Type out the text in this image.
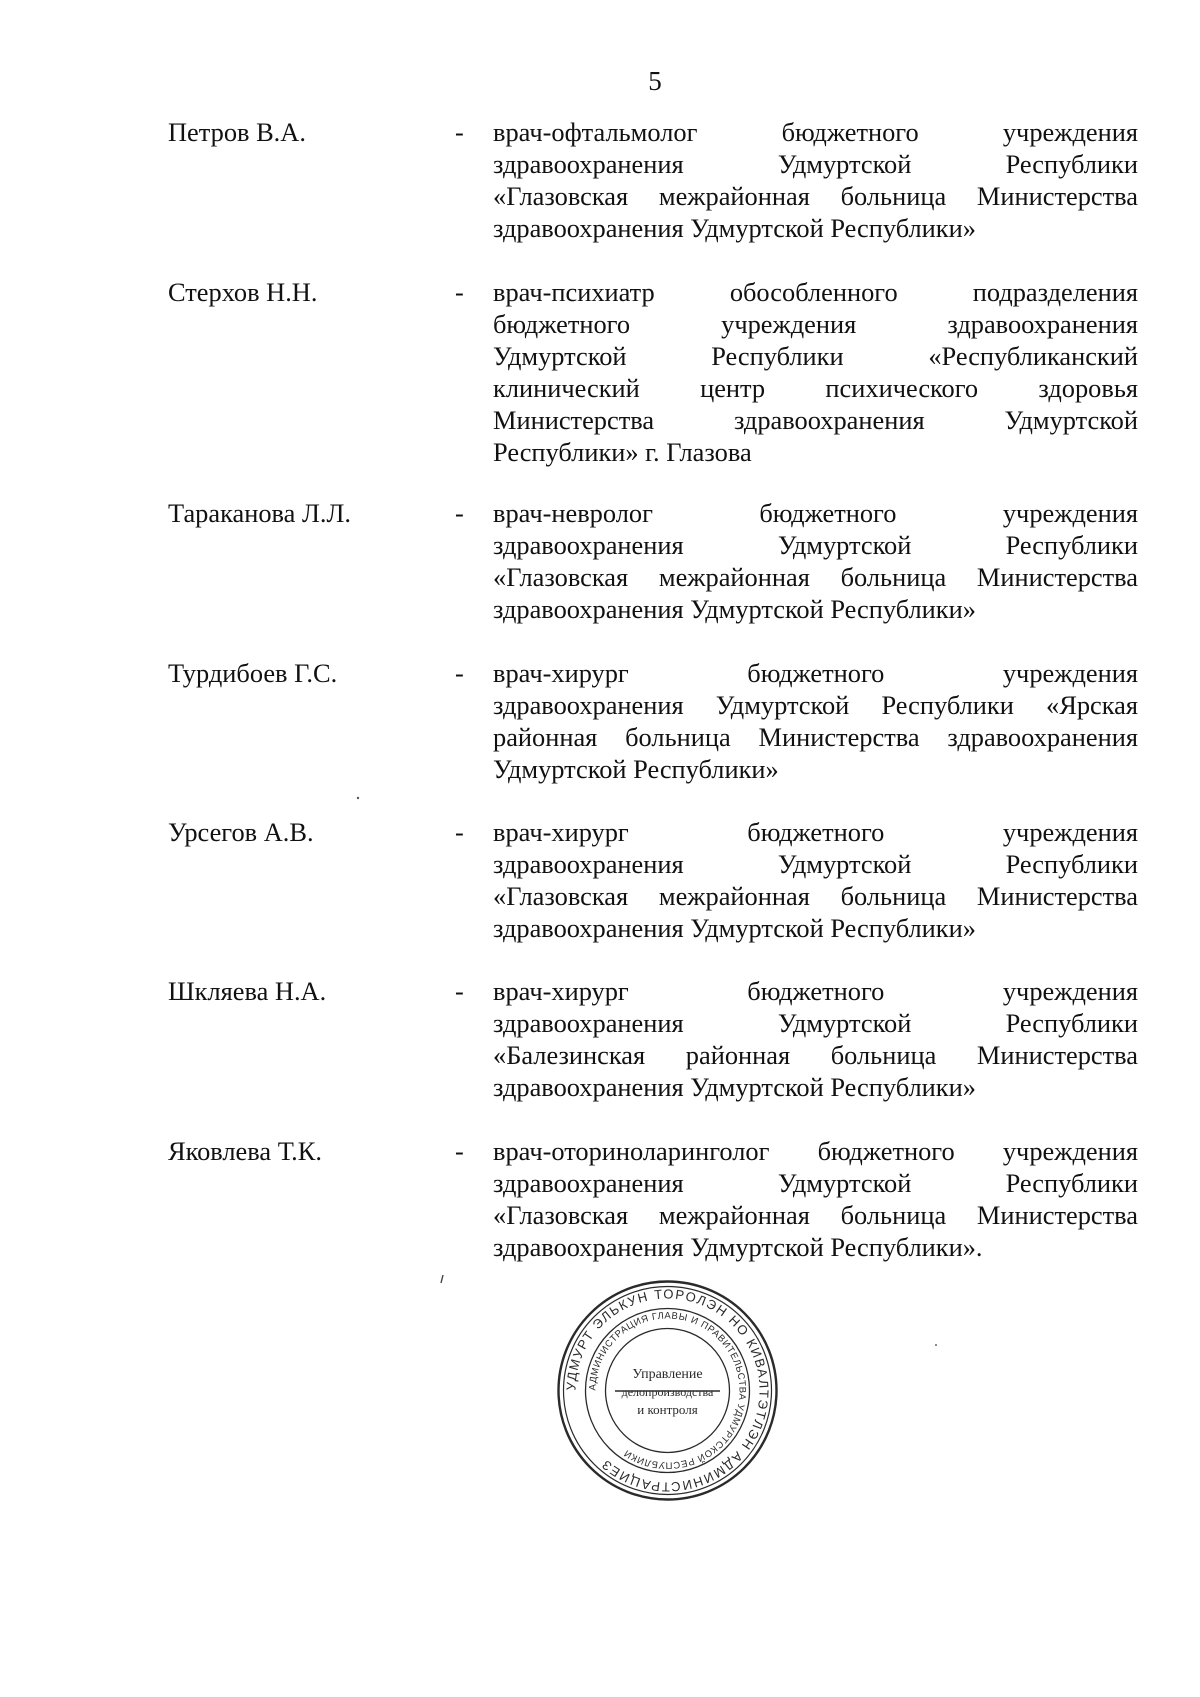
5
Петров В.А.	- врач-офтальмолог бюджетного учреждения
здравоохранения Удмуртской Республики
«Глазовская межрайонная больница Министерства
здравоохранения Удмуртской Республики»
Стерхов Н.Н.	- врач-психиатр обособленного подразделения
бюджетного учреждения здравоохранения
Удмуртской Республики «Республиканский
клинический центр психического здоровья
Министерства здравоохранения Удмуртской
Республики» г. Глазова
Тараканова Л.Л.	- врач-невролог бюджетного учреждения
здравоохранения Удмуртской Республики
«Глазовская межрайонная больница Министерства
здравоохранения Удмуртской Республики»
Турдибоев Г.С.	- врач-хирург бюджетного учреждения
здравоохранения Удмуртской Республики «Ярская
районная больница Министерства здравоохранения
Удмуртской Республики»
Урсегов А.В.	- врач-хирург бюджетного учреждения
здравоохранения Удмуртской Республики
«Глазовская межрайонная больница Министерства
здравоохранения Удмуртской Республики»
Шкляева Н.А.	- врач-хирург бюджетного учреждения
здравоохранения Удмуртской Республики
«Балезинская районная больница Министерства
здравоохранения Удмуртской Республики»
Яковлева Т.К.	- врач-оториноларинголог бюджетного учреждения
здравоохранения Удмуртской Республики
«Глазовская межрайонная больница Министерства
здравоохранения Удмуртской Республики».
УДМУРТ ЭЛЬКУН ТОРОЛЭН НО КИВАЛТЭТЛЭН АДМИНИСТРАЦИЕЗ
АДМИНИСТРАЦИЯ ГЛАВЫ И ПРАВИТЕЛЬСТВА УДМУРТСКОЙ РЕСПУБЛИКИ
Управление
делопроизводства
и контроля
